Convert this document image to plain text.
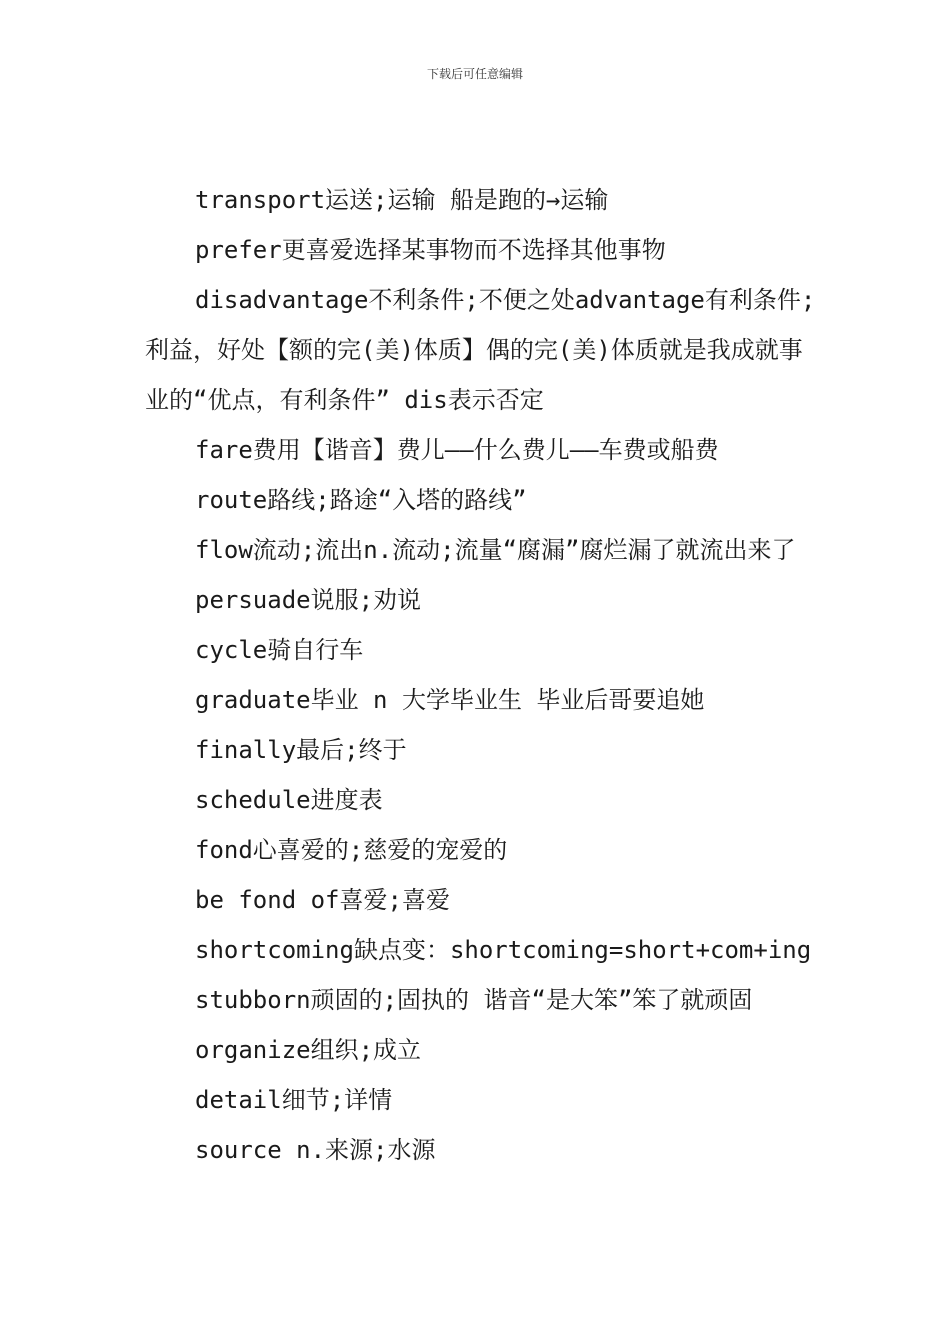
下载后可任意编辑

transport运送;运输 船是跑的→运输

prefer更喜爱选择某事物而不选择其他事物

disadvantage不利条件;不便之处advantage有利条件;利益，好处【额的完(美)体质】偶的完(美)体质就是我成就事业的“优点，有利条件” dis表示否定

fare费用【谐音】费儿——什么费儿——车费或船费

route路线;路途“入塔的路线”

flow流动;流出n.流动;流量“腐漏”腐烂漏了就流出来了

persuade说服;劝说

cycle骑自行车

graduate毕业 n 大学毕业生 毕业后哥要追她

finally最后;终于

schedule进度表

fond心喜爱的;慈爱的宠爱的

be fond of喜爱;喜爱

shortcoming缺点变：shortcoming=short+com+ing

stubborn顽固的;固执的 谐音“是大笨”笨了就顽固

organize组织;成立

detail细节;详情

source n.来源;水源
